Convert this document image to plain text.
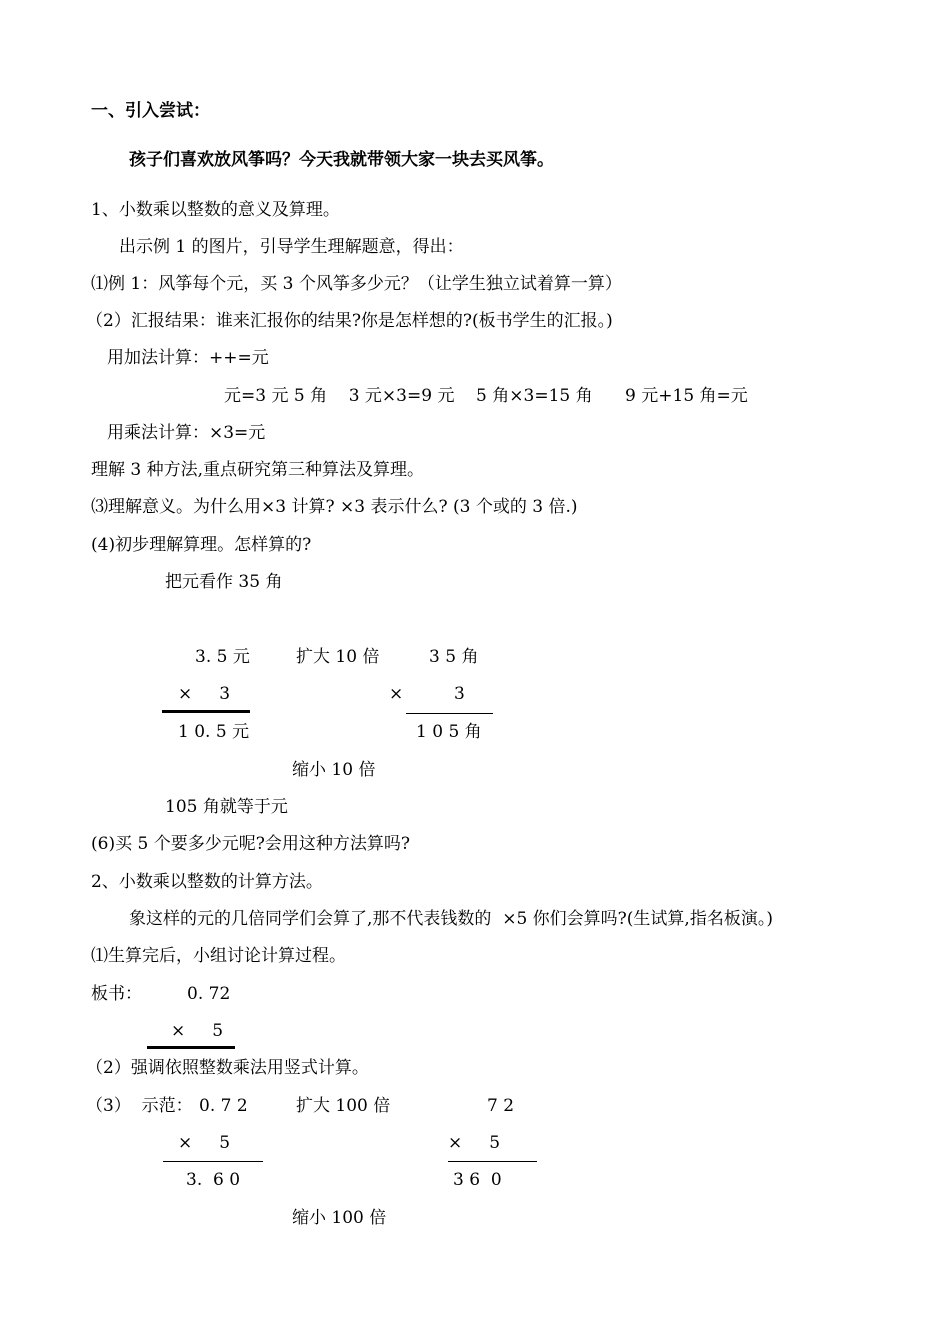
一、引入尝试：
孩子们喜欢放风筝吗？今天我就带领大家一块去买风筝。
1、小数乘以整数的意义及算理。
出示例 1 的图片，引导学生理解题意，得出：
⑴例 1：风筝每个元，买 3 个风筝多少元？（让学生独立试着算一算）
（2）汇报结果：谁来汇报你的结果?你是怎样想的?(板书学生的汇报。)
用加法计算：++=元
元=3 元 5 角    3 元×3=9 元    5 角×3=15 角      9 元+15 角=元
用乘法计算：×3=元
理解 3 种方法,重点研究第三种算法及算理。
⑶理解意义。为什么用×3 计算? ×3 表示什么? (3 个或的 3 倍.)
(4)初步理解算理。怎样算的?
把元看作 35 角
3. 5 元	扩大 10 倍	3 5 角
×     3	×	3
1 0. 5 元	1 0 5 角
缩小 10 倍
105 角就等于元
(6)买 5 个要多少元呢?会用这种方法算吗?
2、小数乘以整数的计算方法。
象这样的元的几倍同学们会算了,那不代表钱数的  ×5 你们会算吗?(生试算,指名板演。)
⑴生算完后，小组讨论计算过程。
板书：	0. 72
×     5
（2）强调依照整数乘法用竖式计算。
（3）  示范： 0. 7 2	扩大 100 倍	7 2
×     5	×     5
3.  6 0	3 6  0
缩小 100 倍
